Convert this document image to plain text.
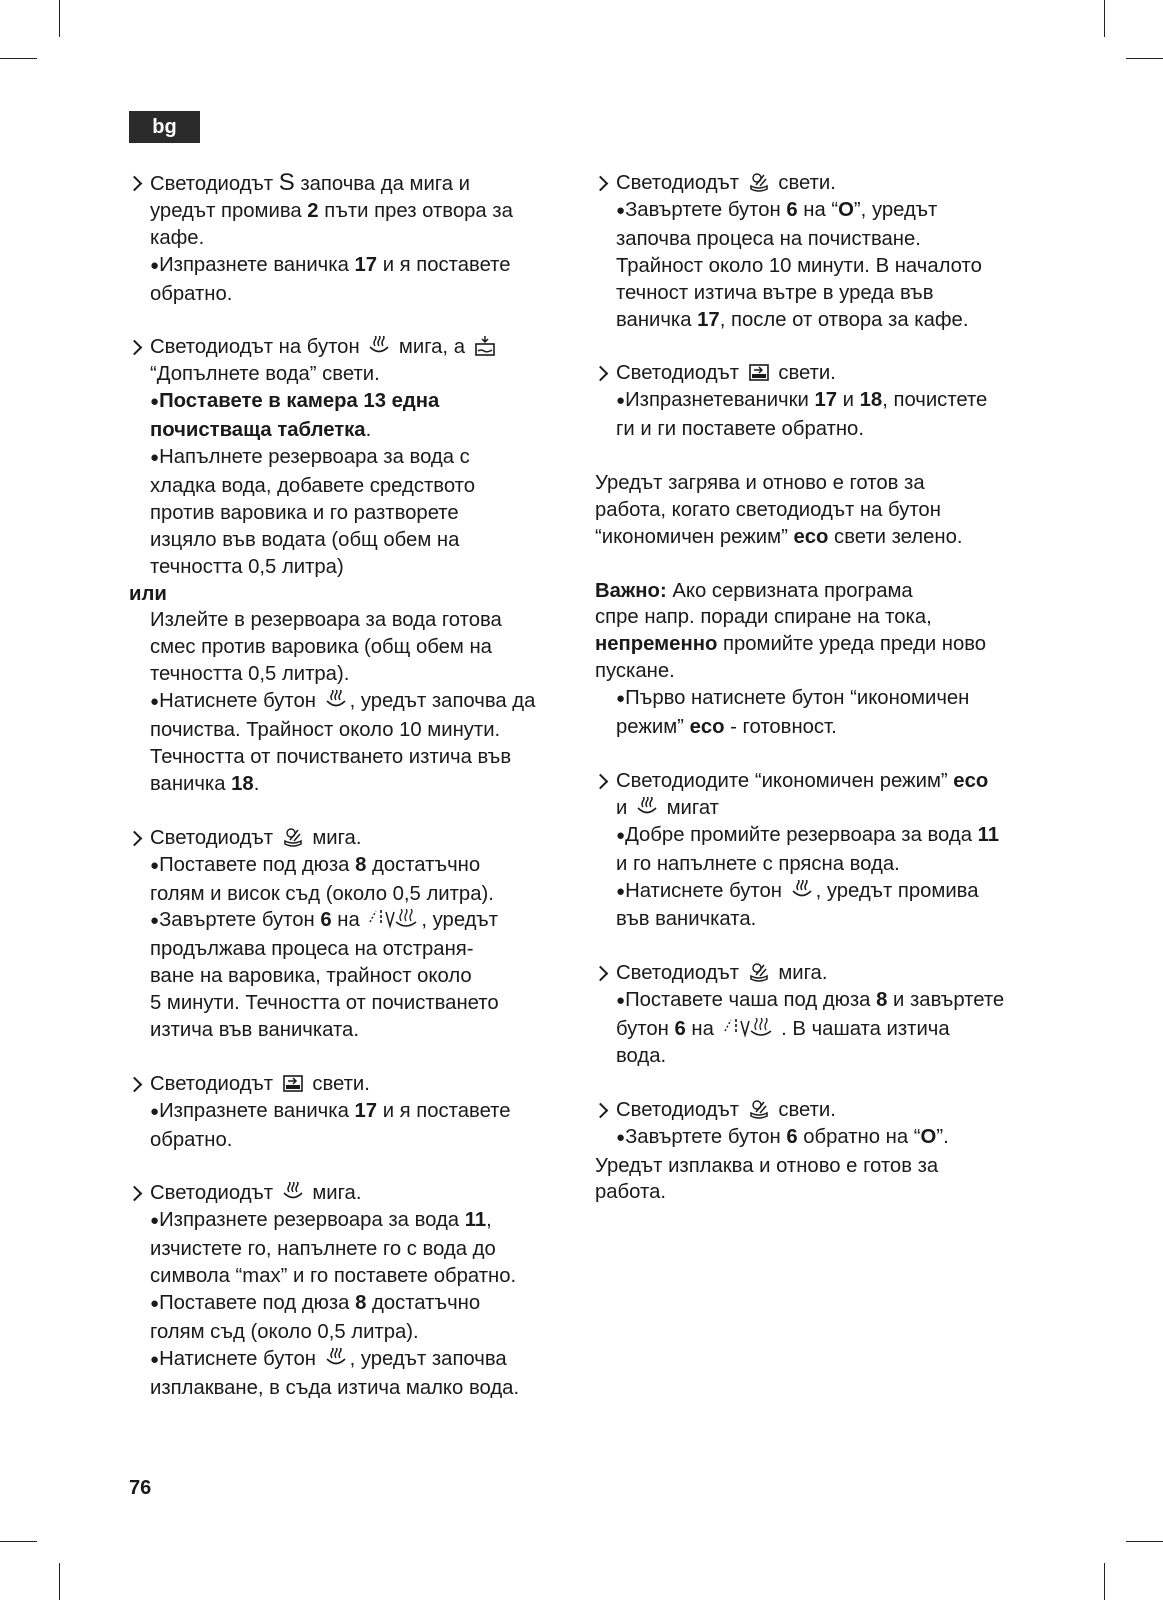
bg
Светодиодът S започва да мига и
уредът промива 2 пъти през отвора за
кафе.
●Изпразнете ваничка 17 и я поставете
обратно.
Светодиодът на бутон  мига, а
“Допълнете вода” свети.
●Поставете в камера 13 една
почистваща таблетка.
●Напълнете резервоара за вода с
хладка вода, добавете средството
против варовика и го разтворете
изцяло във водата (общ обем на
течността 0,5 литра)
или
Излейте в резервоара за вода готова
смес против варовика (общ обем на
течността 0,5 литра).
●Натиснете бутон , уредът започва да
почиства. Трайност около 10 минути.
Течността от почистването изтича във
ваничка 18.
Светодиодът  мига.
●Поставете под дюза 8 достатъчно
голям и висок съд (около 0,5 литра).
●Завъртете бутон 6 на	, уредът
продължава процеса на отстраня-
ване на варовика, трайност около
5 минути. Течността от почистването
изтича във ваничката.
Светодиодът  свети.
●Изпразнете ваничка 17 и я поставете
обратно.
Светодиодът  мига.
●Изпразнете резервоара за вода 11,
изчистете го, напълнете го с вода до
символа “max” и го поставете обратно.
●Поставете под дюза 8 достатъчно
голям съд (около 0,5 литра).
●Натиснете бутон , уредът започва
изплакване, в съда изтича малко вода.
Светодиодът  свети.
●Завъртете бутон 6 на “O”, уредът
започва процеса на почистване.
Трайност около 10 минути. В началото
течност изтича вътре в уреда във
ваничка 17, после от отвора за кафе.
Светодиодът  свети.
●Изпразнетеванички 17 и 18, почистете
ги и ги поставете обратно.
Уредът загрява и отново е готов за
работа, когато светодиодът на бутон
“икономичен режим” eco свети зелено.
Важно: Ако сервизната програма
спре напр. поради спиране на тока,
непременно промийте уреда преди ново
пускане.
●Първо натиснете бутон “икономичен
режим” eco - готовност.
Светодиодите “икономичен режим” eco
и  мигат
●Добре промийте резервоара за вода 11
и го напълнете с прясна вода.
●Натиснете бутон , уредът промива
във ваничката.
Светодиодът  мига.
●Поставете чаша под дюза 8 и завъртете
бутон 6 на	. В чашата изтича
вода.
Светодиодът  свети.
●Завъртете бутон 6 обратно на “O”.
Уредът изплаква и отново е готов за
работа.
76
